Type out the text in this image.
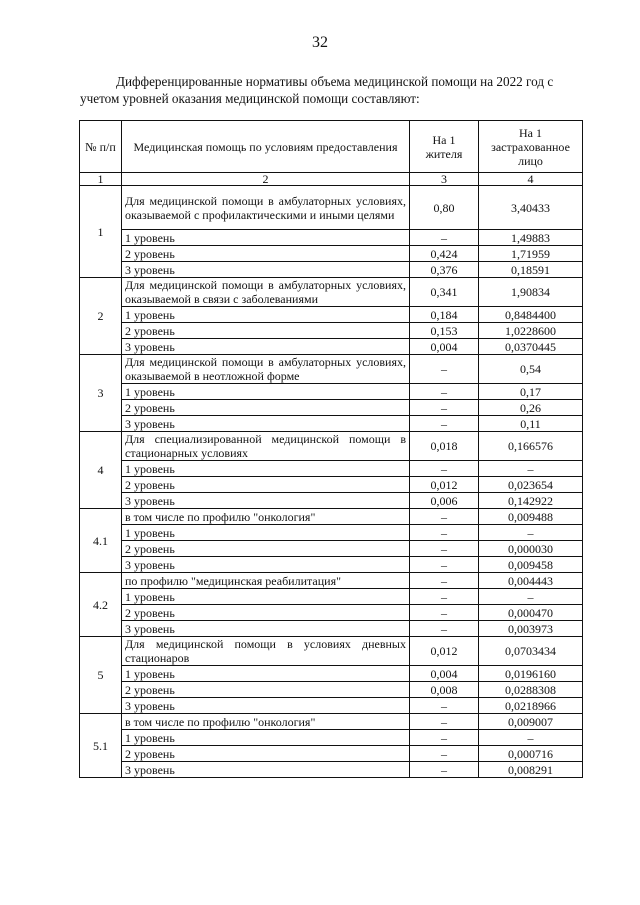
32
Дифференцированные нормативы объема медицинской помощи на 2022 год с учетом уровней оказания медицинской помощи составляют:
№ п/п	Медицинская помощь по условиям предоставления	На 1 жителя	На 1 застрахованное лицо
1	2	3	4
1	Для медицинской помощи в амбулаторных условиях, оказываемой с профилактическими и иными целями	0,80	3,40433
	1 уровень	–	1,49883
	2 уровень	0,424	1,71959
	3 уровень	0,376	0,18591
2	Для медицинской помощи в амбулаторных условиях, оказываемой в связи с заболеваниями	0,341	1,90834
	1 уровень	0,184	0,8484400
	2 уровень	0,153	1,0228600
	3 уровень	0,004	0,0370445
3	Для медицинской помощи в амбулаторных условиях, оказываемой в неотложной форме	–	0,54
	1 уровень	–	0,17
	2 уровень	–	0,26
	3 уровень	–	0,11
4	Для специализированной медицинской помощи в стационарных условиях	0,018	0,166576
	1 уровень	–	–
	2 уровень	0,012	0,023654
	3 уровень	0,006	0,142922
4.1	в том числе по профилю "онкология"	–	0,009488
	1 уровень	–	–
	2 уровень	–	0,000030
	3 уровень	–	0,009458
4.2	по профилю "медицинская реабилитация"	–	0,004443
	1 уровень	–	–
	2 уровень	–	0,000470
	3 уровень	–	0,003973
5	Для медицинской помощи в условиях дневных стационаров	0,012	0,0703434
	1 уровень	0,004	0,0196160
	2 уровень	0,008	0,0288308
	3 уровень	–	0,0218966
5.1	в том числе по профилю "онкология"	–	0,009007
	1 уровень	–	–
	2 уровень	–	0,000716
	3 уровень	–	0,008291
